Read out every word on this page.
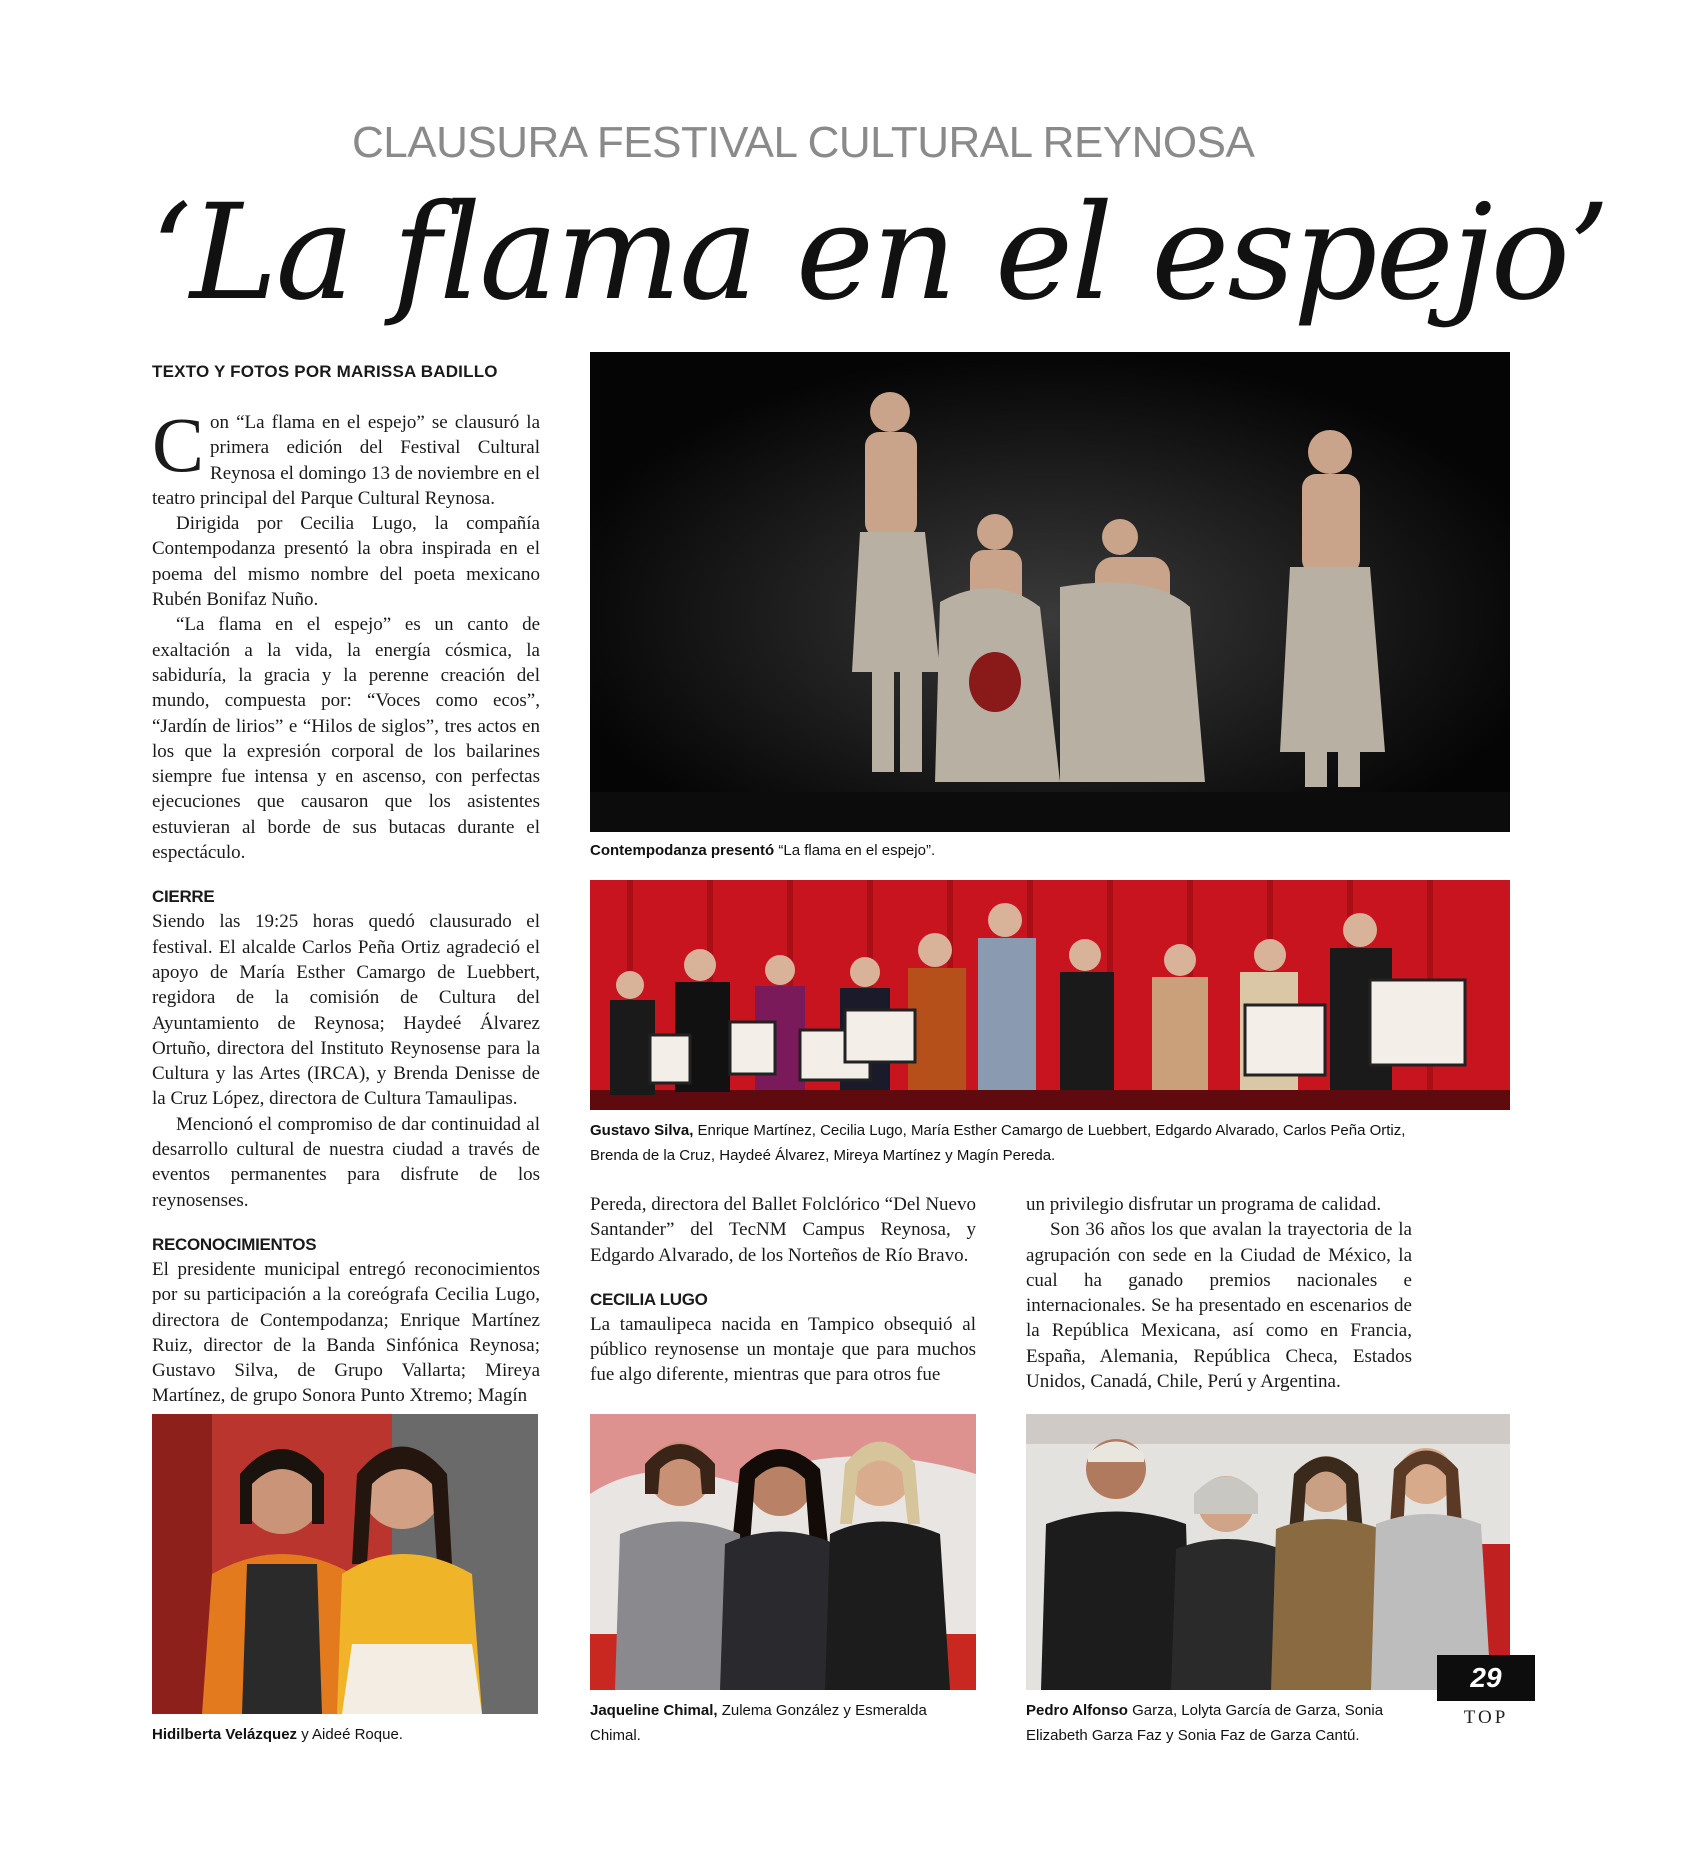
CLAUSURA FESTIVAL CULTURAL REYNOSA
‘La flama en el espejo’
TEXTO Y FOTOS POR MARISSA BADILLO

Con “La flama en el espejo” se clausuró la primera edición del Festival Cultural Reynosa el domingo 13 de noviembre en el teatro principal del Parque Cultural Reynosa.

Dirigida por Cecilia Lugo, la compañía Contempodanza presentó la obra inspirada en el poema del mismo nombre del poeta mexicano Rubén Bonifaz Nuño.

“La flama en el espejo” es un canto de exaltación a la vida, la energía cósmica, la sabiduría, la gracia y la perenne creación del mundo, compuesta por: “Voces como ecos”, “Jardín de lirios” e “Hilos de siglos”, tres actos en los que la expresión corporal de los bailarines siempre fue intensa y en ascenso, con perfectas ejecuciones que causaron que los asistentes estuvieran al borde de sus butacas durante el espectáculo.

CIERRE

Siendo las 19:25 horas quedó clausurado el festival. El alcalde Carlos Peña Ortiz agradeció el apoyo de María Esther Camargo de Luebbert, regidora de la comisión de Cultura del Ayuntamiento de Reynosa; Haydeé Álvarez Ortuño, directora del Instituto Reynosense para la Cultura y las Artes (IRCA), y Brenda Denisse de la Cruz López, directora de Cultura Tamaulipas.

Mencionó el compromiso de dar continuidad al desarrollo cultural de nuestra ciudad a través de eventos permanentes para disfrute de los reynosenses.

RECONOCIMIENTOS

El presidente municipal entregó reconocimientos por su participación a la coreógrafa Cecilia Lugo, directora de Contempodanza; Enrique Martínez Ruiz, director de la Banda Sinfónica Reynosa; Gustavo Silva, de Grupo Vallarta; Mireya Martínez, de grupo Sonora Punto Xtremo; Magín

Contempodanza presentó “La flama en el espejo”.
Gustavo Silva, Enrique Martínez, Cecilia Lugo, María Esther Camargo de Luebbert, Edgardo Alvarado, Carlos Peña Ortiz, Brenda de la Cruz, Haydeé Álvarez, Mireya Martínez y Magín Pereda.

Pereda, directora del Ballet Folclórico “Del Nuevo Santander” del TecNM Campus Reynosa, y Edgardo Alvarado, de los Norteños de Río Bravo.

CECILIA LUGO

La tamaulipeca nacida en Tampico obsequió al público reynosense un montaje que para muchos fue algo diferente, mientras que para otros fue

un privilegio disfrutar un programa de calidad.

Son 36 años los que avalan la trayectoria de la agrupación con sede en la Ciudad de México, la cual ha ganado premios nacionales e internacionales. Se ha presentado en escenarios de la República Mexicana, así como en Francia, España, Alemania, República Checa, Estados Unidos, Canadá, Chile, Perú y Argentina.

Hidilberta Velázquez y Aideé Roque.
Jaqueline Chimal, Zulema González y Esmeralda Chimal.
Pedro Alfonso Garza, Lolyta García de Garza, Sonia Elizabeth Garza Faz y Sonia Faz de Garza Cantú.
29
TOP
